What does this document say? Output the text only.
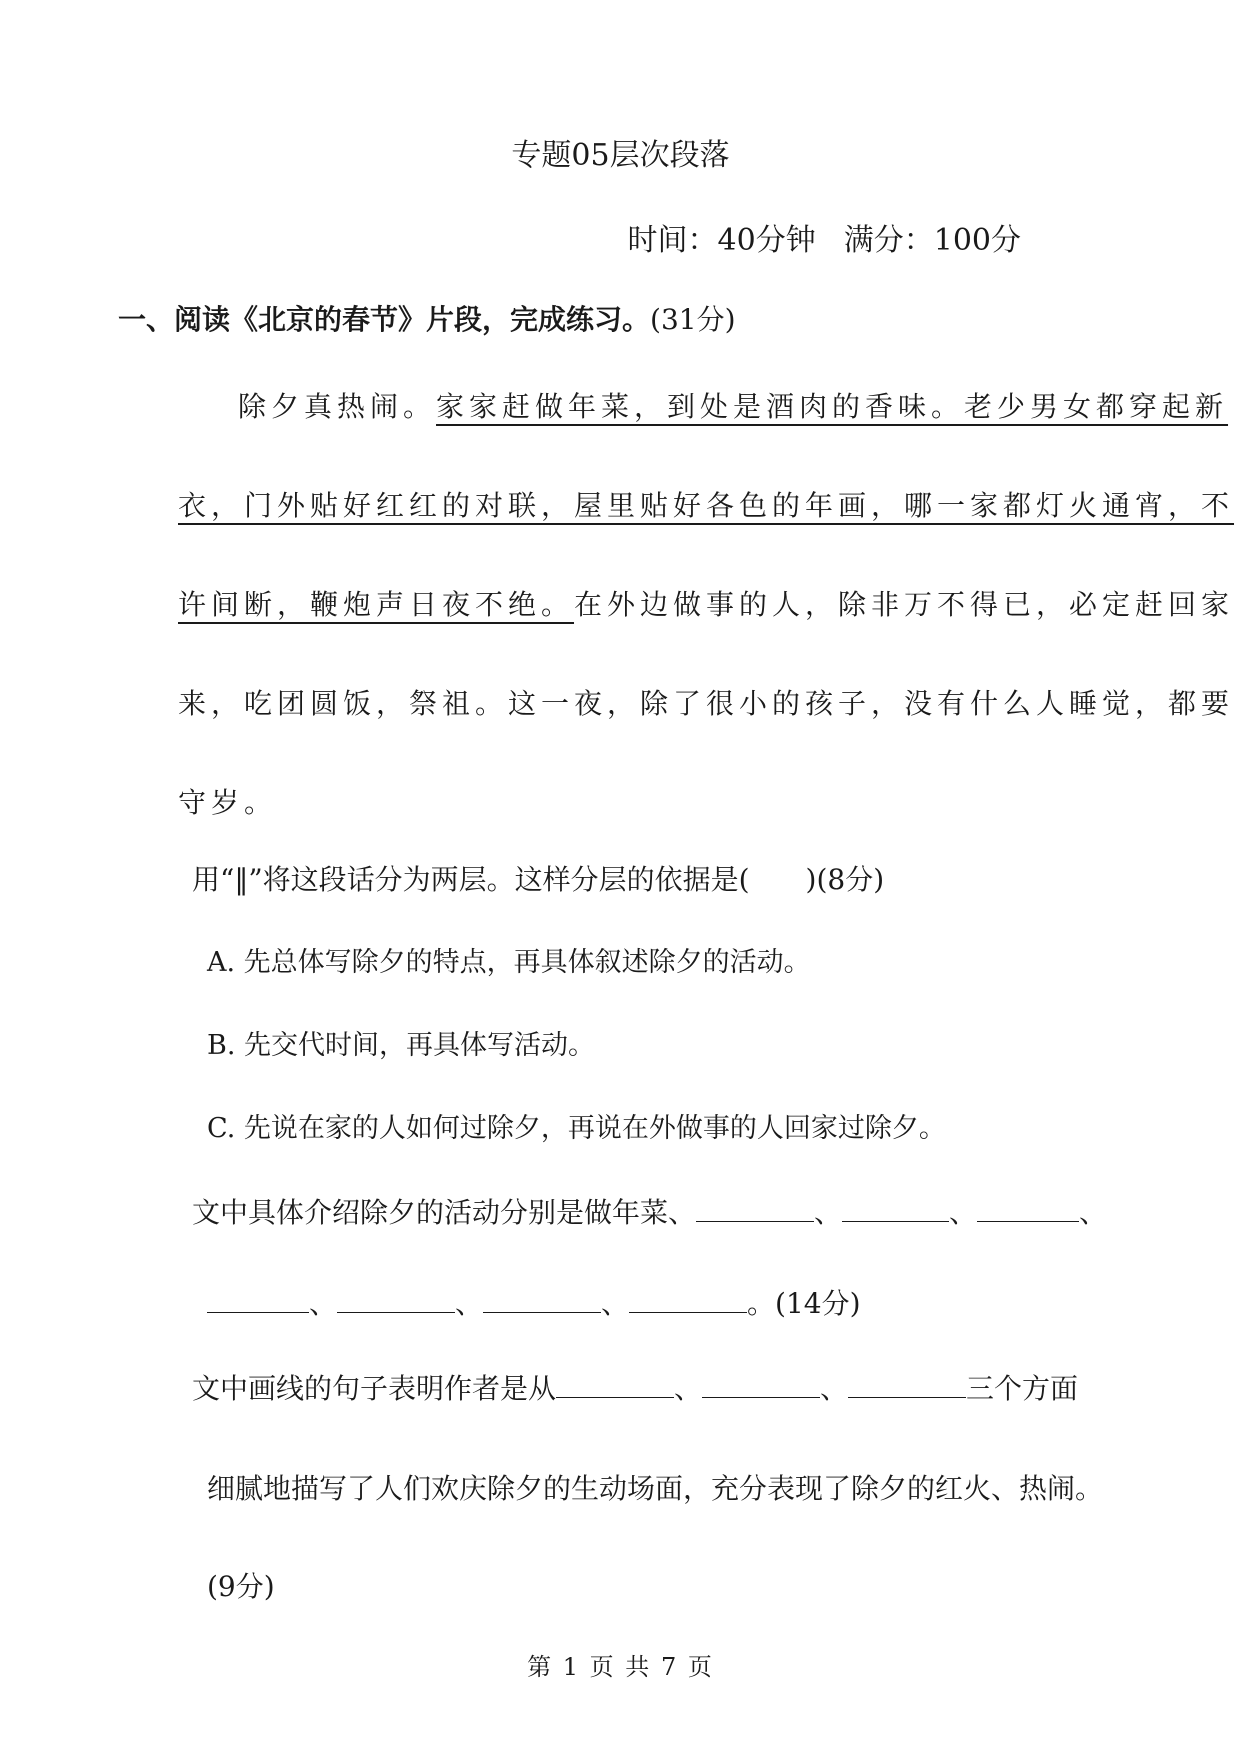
专题05层次段落
时间：40分钟 满分：100分
一、阅读《北京的春节》片段，完成练习。(31分)
除夕真热闹。家家赶做年菜，到处是酒肉的香味。老少男女都穿起新
衣，门外贴好红红的对联，屋里贴好各色的年画，哪一家都灯火通宵，不
许间断，鞭炮声日夜不绝。在外边做事的人，除非万不得已，必定赶回家
来，吃团圆饭，祭祖。这一夜，除了很小的孩子，没有什么人睡觉，都要
守岁。
用“‖”将这段话分为两层。这样分层的依据是(　　)(8分)
A. 先总体写除夕的特点，再具体叙述除夕的活动。
B. 先交代时间，再具体写活动。
C. 先说在家的人如何过除夕，再说在外做事的人回家过除夕。
文中具体介绍除夕的活动分别是做年菜、	、	、	、
、	、	、	。(14分)
文中画线的句子表明作者是从	、	、	三个方面
细腻地描写了人们欢庆除夕的生动场面，充分表现了除夕的红火、热闹。
(9分)
第 1 页 共 7 页
